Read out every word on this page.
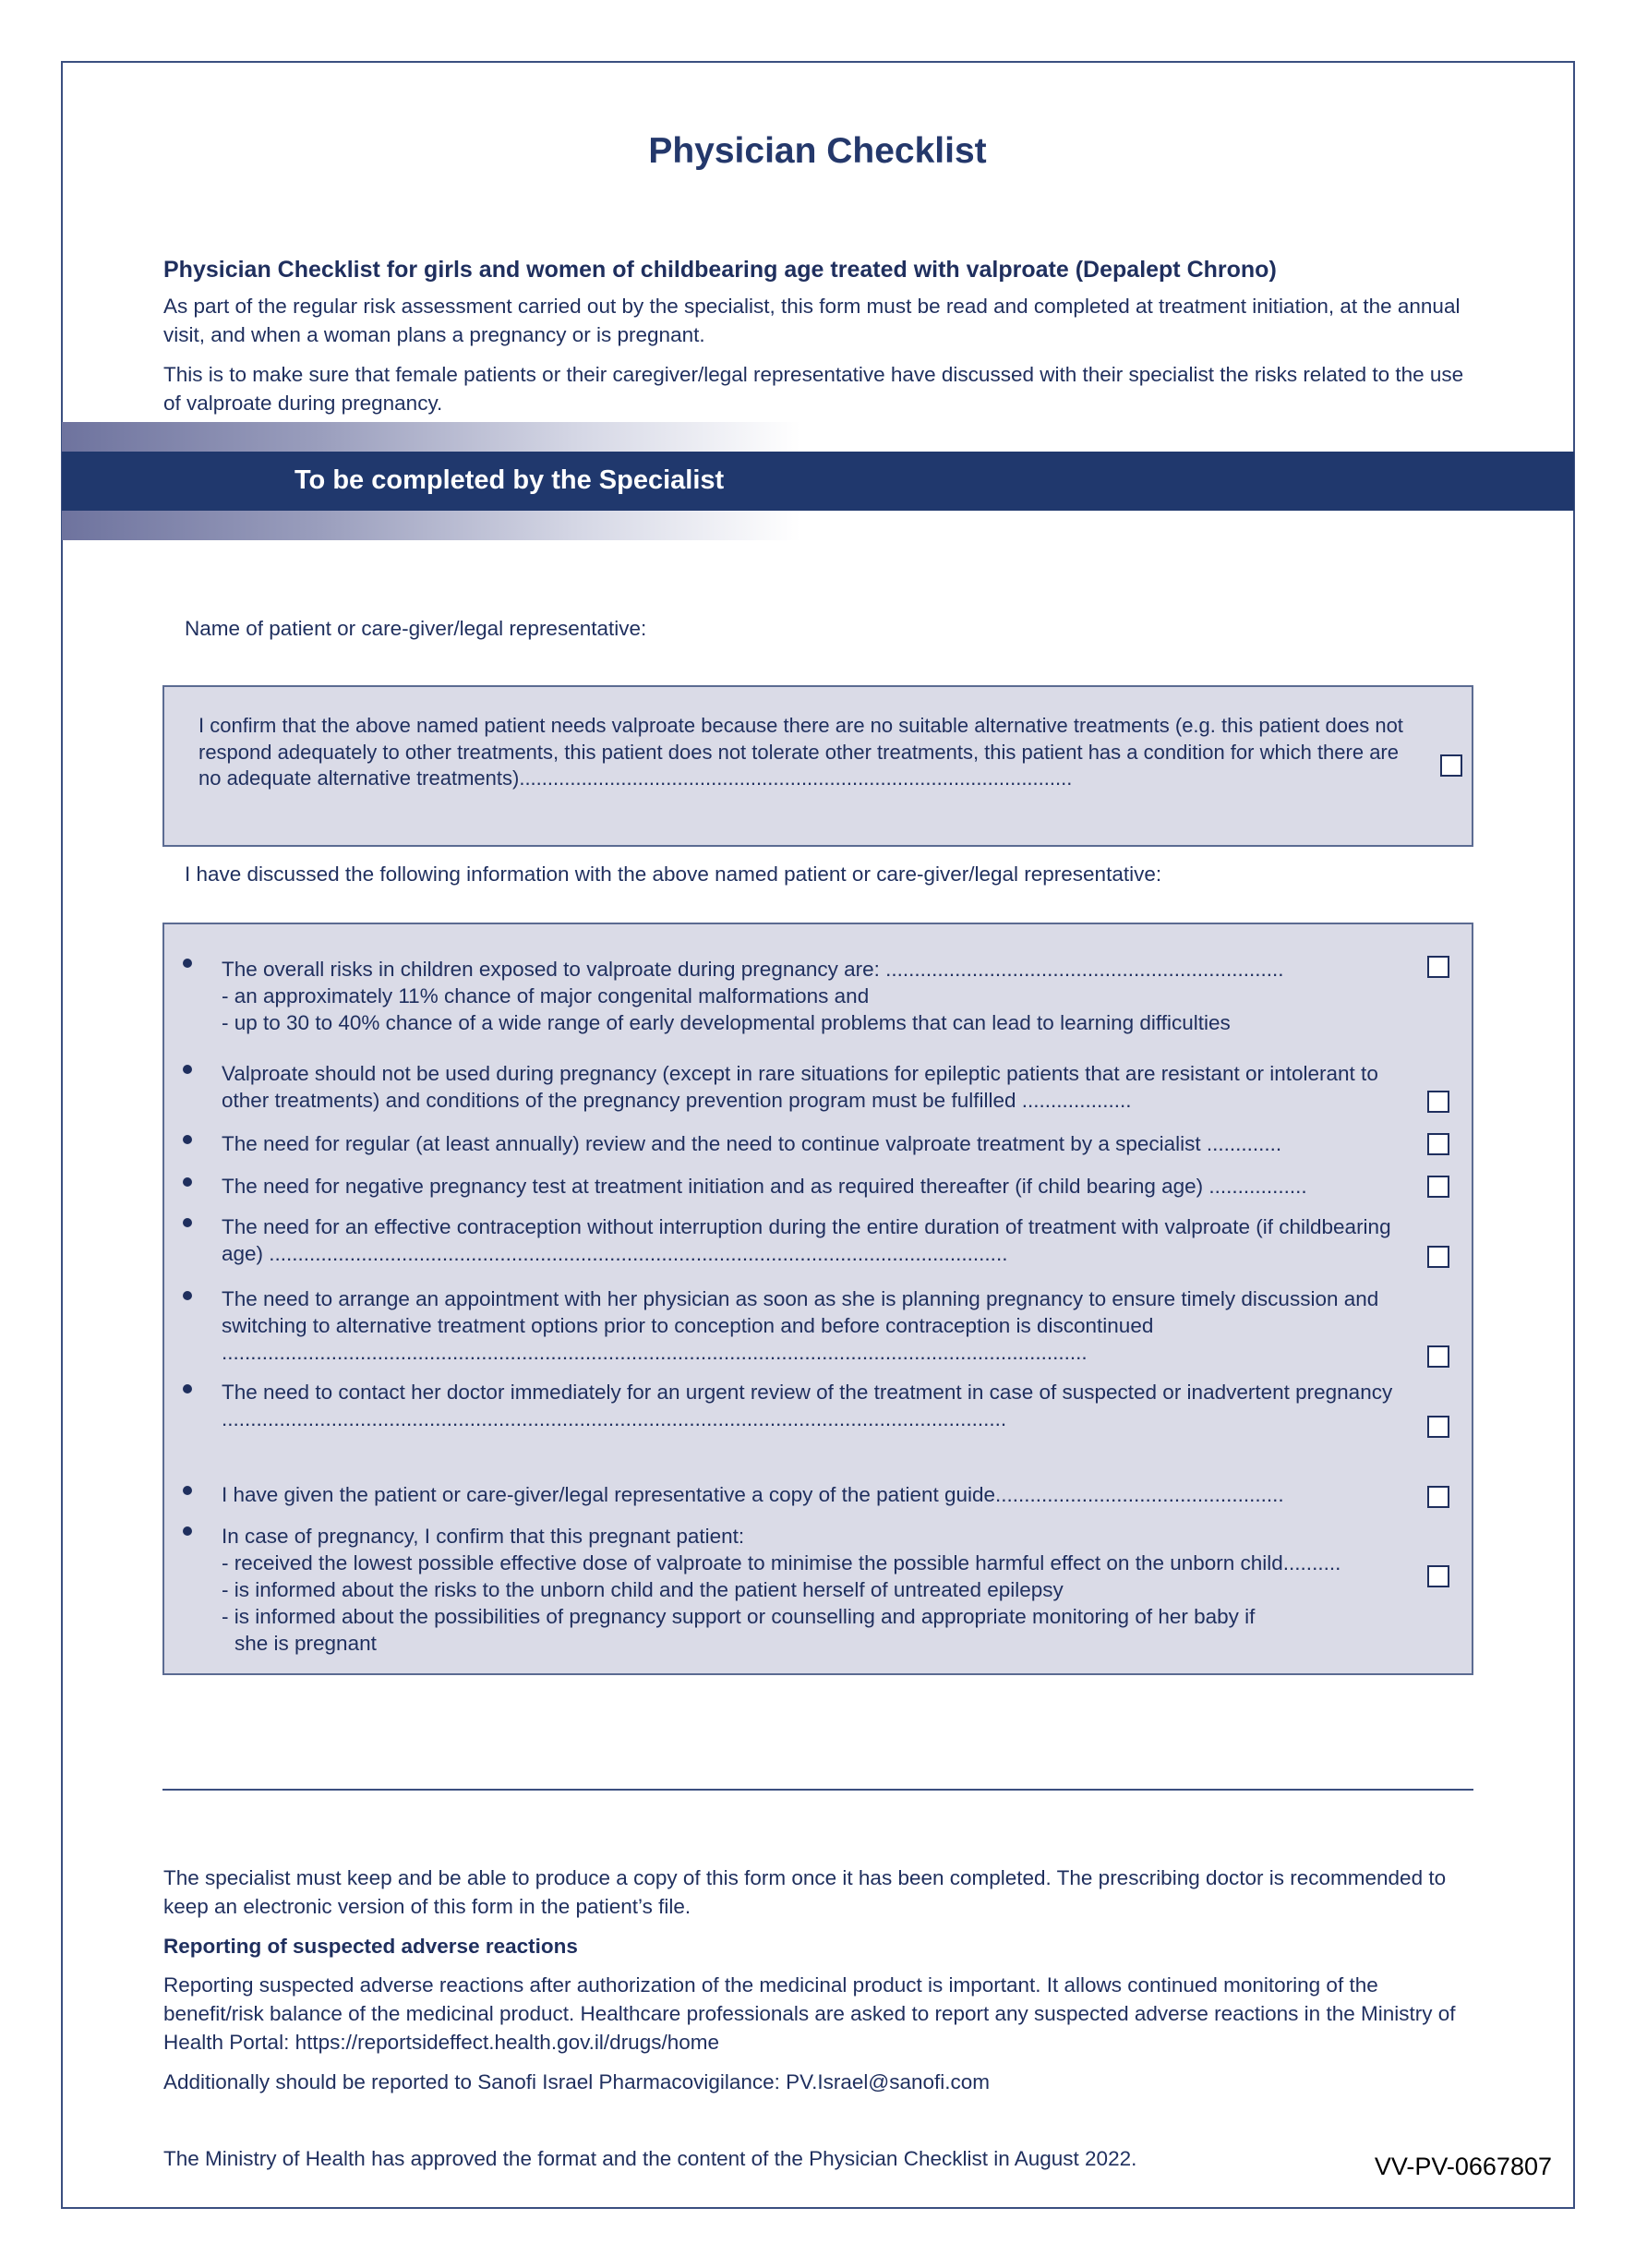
Physician Checklist
Physician Checklist for girls and women of childbearing age treated with valproate (Depalept Chrono)
As part of the regular risk assessment carried out by the specialist, this form must be read and completed at treatment initiation, at the annual visit, and when a woman plans a pregnancy or is pregnant.
This is to make sure that female patients or their caregiver/legal representative have discussed with their specialist the risks related to the use of valproate during pregnancy.
To be completed by the Specialist
Name of patient or care-giver/legal representative:
I confirm that the above named patient needs valproate because there are no suitable alternative treatments (e.g. this patient does not respond adequately to other treatments, this patient does not tolerate other treatments, this patient has a condition for which there are no adequate alternative treatments)..................................................................................................
I have discussed the following information with the above named patient or care-giver/legal representative:
The overall risks in children exposed to valproate during pregnancy are: .....................................................................
- an approximately 11% chance of major congenital malformations and
- up to 30 to 40% chance of a wide range of early developmental problems that can lead to learning difficulties
Valproate should not be used during pregnancy (except in rare situations for epileptic patients that are resistant or intolerant to other treatments) and conditions of the pregnancy prevention program must be fulfilled ...................
The need for regular (at least annually) review and the need to continue valproate treatment by a specialist .............
The need for negative pregnancy test at treatment initiation and as required thereafter (if child bearing age) .................
The need for an effective contraception without interruption during the entire duration of treatment with valproate (if childbearing age) ................................................................................................................................
The need to arrange an appointment with her physician as soon as she is planning pregnancy to ensure timely discussion and switching to alternative treatment options prior to conception and before contraception is discontinued ......................................................................................................................................................
The need to contact her doctor immediately for an urgent review of the treatment in case of suspected or inadvertent pregnancy ........................................................................................................................................
I have given the patient or care-giver/legal representative a copy of the patient guide..................................................
In case of pregnancy, I confirm that this pregnant patient:
- received the lowest possible effective dose of valproate to minimise the possible harmful effect on the unborn child..........
- is informed about the risks to the unborn child and the patient herself of untreated epilepsy
- is informed about the possibilities of pregnancy support or counselling and appropriate monitoring of her baby if
she is pregnant
The specialist must keep and be able to produce a copy of this form once it has been completed. The prescribing doctor is recommended to keep an electronic version of this form in the patient’s file.
Reporting of suspected adverse reactions
Reporting suspected adverse reactions after authorization of the medicinal product is important. It allows continued monitoring of the benefit/risk balance of the medicinal product. Healthcare professionals are asked to report any suspected adverse reactions in the Ministry of Health Portal: https://reportsideffect.health.gov.il/drugs/home
Additionally should be reported to Sanofi Israel Pharmacovigilance: PV.Israel@sanofi.com
The Ministry of Health has approved the format and the content of the Physician Checklist in August 2022.	VV-PV-0667807
